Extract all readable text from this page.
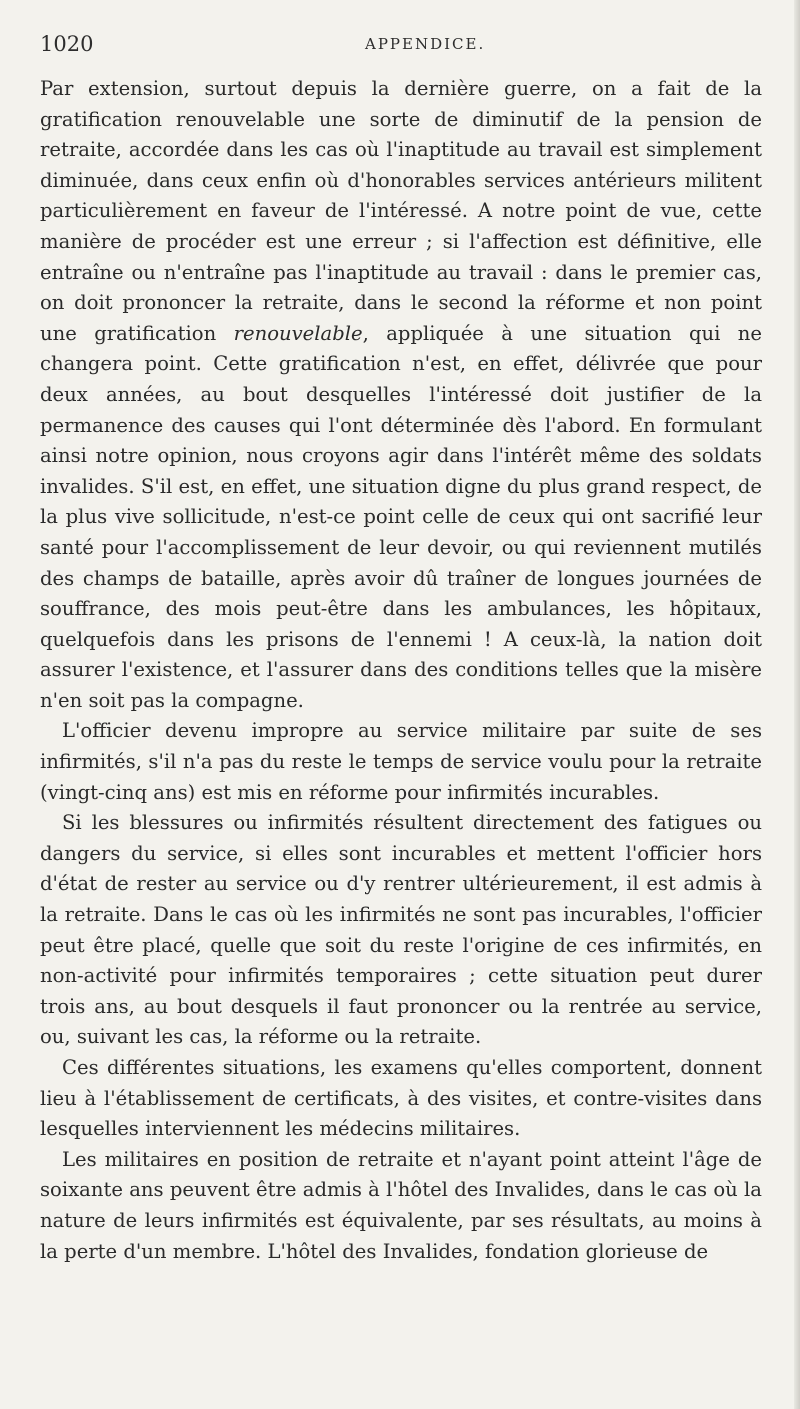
1020	APPENDICE.

Par extension, surtout depuis la dernière guerre, on a fait de la gratification renouvelable une sorte de diminutif de la pension de retraite, accordée dans les cas où l'inaptitude au travail est simplement diminuée, dans ceux enfin où d'honorables services antérieurs militent particulièrement en faveur de l'intéressé. A notre point de vue, cette manière de procéder est une erreur ; si l'affection est définitive, elle entraîne ou n'entraîne pas l'inaptitude au travail : dans le premier cas, on doit prononcer la retraite, dans le second la réforme et non point une gratification renouvelable, appliquée à une situation qui ne changera point. Cette gratification n'est, en effet, délivrée que pour deux années, au bout desquelles l'intéressé doit justifier de la permanence des causes qui l'ont déterminée dès l'abord. En formulant ainsi notre opinion, nous croyons agir dans l'intérêt même des soldats invalides. S'il est, en effet, une situation digne du plus grand respect, de la plus vive sollicitude, n'est-ce point celle de ceux qui ont sacrifié leur santé pour l'accomplissement de leur devoir, ou qui reviennent mutilés des champs de bataille, après avoir dû traîner de longues journées de souffrance, des mois peut-être dans les ambulances, les hôpitaux, quelquefois dans les prisons de l'ennemi ! A ceux-là, la nation doit assurer l'existence, et l'assurer dans des conditions telles que la misère n'en soit pas la compagne.

L'officier devenu impropre au service militaire par suite de ses infirmités, s'il n'a pas du reste le temps de service voulu pour la retraite (vingt-cinq ans) est mis en réforme pour infirmités incurables.

Si les blessures ou infirmités résultent directement des fatigues ou dangers du service, si elles sont incurables et mettent l'officier hors d'état de rester au service ou d'y rentrer ultérieurement, il est admis à la retraite. Dans le cas où les infirmités ne sont pas incurables, l'officier peut être placé, quelle que soit du reste l'origine de ces infirmités, en non-activité pour infirmités temporaires ; cette situation peut durer trois ans, au bout desquels il faut prononcer ou la rentrée au service, ou, suivant les cas, la réforme ou la retraite.

Ces différentes situations, les examens qu'elles comportent, donnent lieu à l'établissement de certificats, à des visites, et contre-visites dans lesquelles interviennent les médecins militaires.

Les militaires en position de retraite et n'ayant point atteint l'âge de soixante ans peuvent être admis à l'hôtel des Invalides, dans le cas où la nature de leurs infirmités est équivalente, par ses résultats, au moins à la perte d'un membre. L'hôtel des Invalides, fondation glorieuse de
